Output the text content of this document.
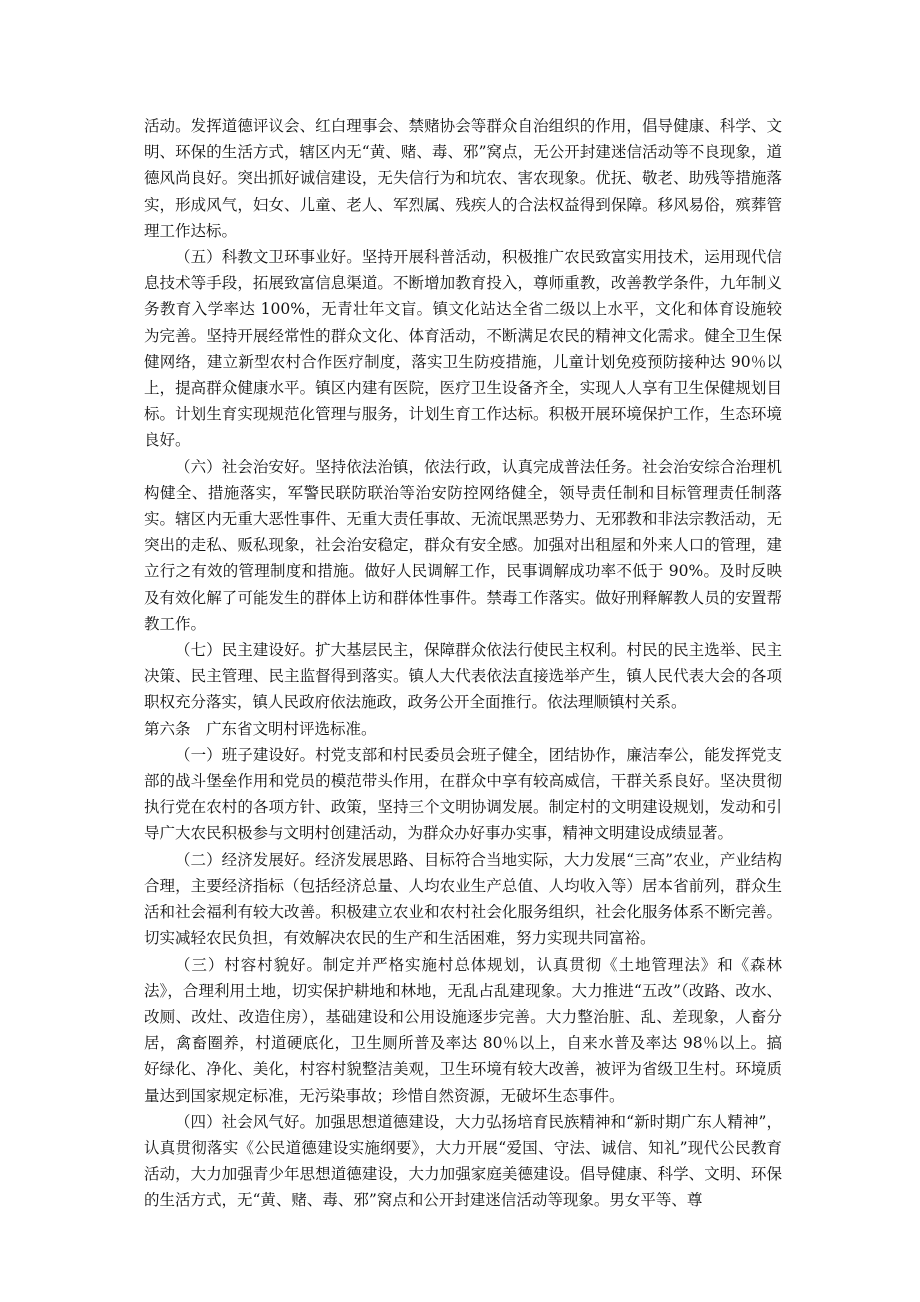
活动。发挥道德评议会、红白理事会、禁赌协会等群众自治组织的作用，倡导健康、科学、文明、环保的生活方式，辖区内无“黄、赌、毒、邪”窝点，无公开封建迷信活动等不良现象，道德风尚良好。突出抓好诚信建设，无失信行为和坑农、害农现象。优抚、敬老、助残等措施落实，形成风气，妇女、儿童、老人、军烈属、残疾人的合法权益得到保障。移风易俗，殡葬管理工作达标。

（五）科教文卫环事业好。坚持开展科普活动，积极推广农民致富实用技术，运用现代信息技术等手段，拓展致富信息渠道。不断增加教育投入，尊师重教，改善教学条件，九年制义务教育入学率达 100%，无青壮年文盲。镇文化站达全省二级以上水平，文化和体育设施较为完善。坚持开展经常性的群众文化、体育活动，不断满足农民的精神文化需求。健全卫生保健网络，建立新型农村合作医疗制度，落实卫生防疫措施，儿童计划免疫预防接种达 90％以上，提高群众健康水平。镇区内建有医院，医疗卫生设备齐全，实现人人享有卫生保健规划目标。计划生育实现规范化管理与服务，计划生育工作达标。积极开展环境保护工作，生态环境良好。

（六）社会治安好。坚持依法治镇，依法行政，认真完成普法任务。社会治安综合治理机构健全、措施落实，军警民联防联治等治安防控网络健全，领导责任制和目标管理责任制落实。辖区内无重大恶性事件、无重大责任事故、无流氓黑恶势力、无邪教和非法宗教活动，无突出的走私、贩私现象，社会治安稳定，群众有安全感。加强对出租屋和外来人口的管理，建立行之有效的管理制度和措施。做好人民调解工作，民事调解成功率不低于 90%。及时反映及有效化解了可能发生的群体上访和群体性事件。禁毒工作落实。做好刑释解教人员的安置帮教工作。

（七）民主建设好。扩大基层民主，保障群众依法行使民主权利。村民的民主选举、民主决策、民主管理、民主监督得到落实。镇人大代表依法直接选举产生，镇人民代表大会的各项职权充分落实，镇人民政府依法施政，政务公开全面推行。依法理顺镇村关系。

第六条　广东省文明村评选标准。

（一）班子建设好。村党支部和村民委员会班子健全，团结协作，廉洁奉公，能发挥党支部的战斗堡垒作用和党员的模范带头作用，在群众中享有较高威信，干群关系良好。坚决贯彻执行党在农村的各项方针、政策，坚持三个文明协调发展。制定村的文明建设规划，发动和引导广大农民积极参与文明村创建活动，为群众办好事办实事，精神文明建设成绩显著。

（二）经济发展好。经济发展思路、目标符合当地实际，大力发展“三高”农业，产业结构合理，主要经济指标（包括经济总量、人均农业生产总值、人均收入等）居本省前列，群众生活和社会福利有较大改善。积极建立农业和农村社会化服务组织，社会化服务体系不断完善。切实减轻农民负担，有效解决农民的生产和生活困难，努力实现共同富裕。

（三）村容村貌好。制定并严格实施村总体规划，认真贯彻《土地管理法》和《森林法》，合理利用土地，切实保护耕地和林地，无乱占乱建现象。大力推进“五改”（改路、改水、改厕、改灶、改造住房），基础建设和公用设施逐步完善。大力整治脏、乱、差现象，人畜分居，禽畜圈养，村道硬底化，卫生厕所普及率达 80％以上，自来水普及率达 98％以上。搞好绿化、净化、美化，村容村貌整洁美观，卫生环境有较大改善，被评为省级卫生村。环境质量达到国家规定标准，无污染事故；珍惜自然资源，无破坏生态事件。

（四）社会风气好。加强思想道德建设，大力弘扬培育民族精神和“新时期广东人精神”，认真贯彻落实《公民道德建设实施纲要》，大力开展“爱国、守法、诚信、知礼”现代公民教育活动，大力加强青少年思想道德建设，大力加强家庭美德建设。倡导健康、科学、文明、环保的生活方式，无“黄、赌、毒、邪”窝点和公开封建迷信活动等现象。男女平等、尊
